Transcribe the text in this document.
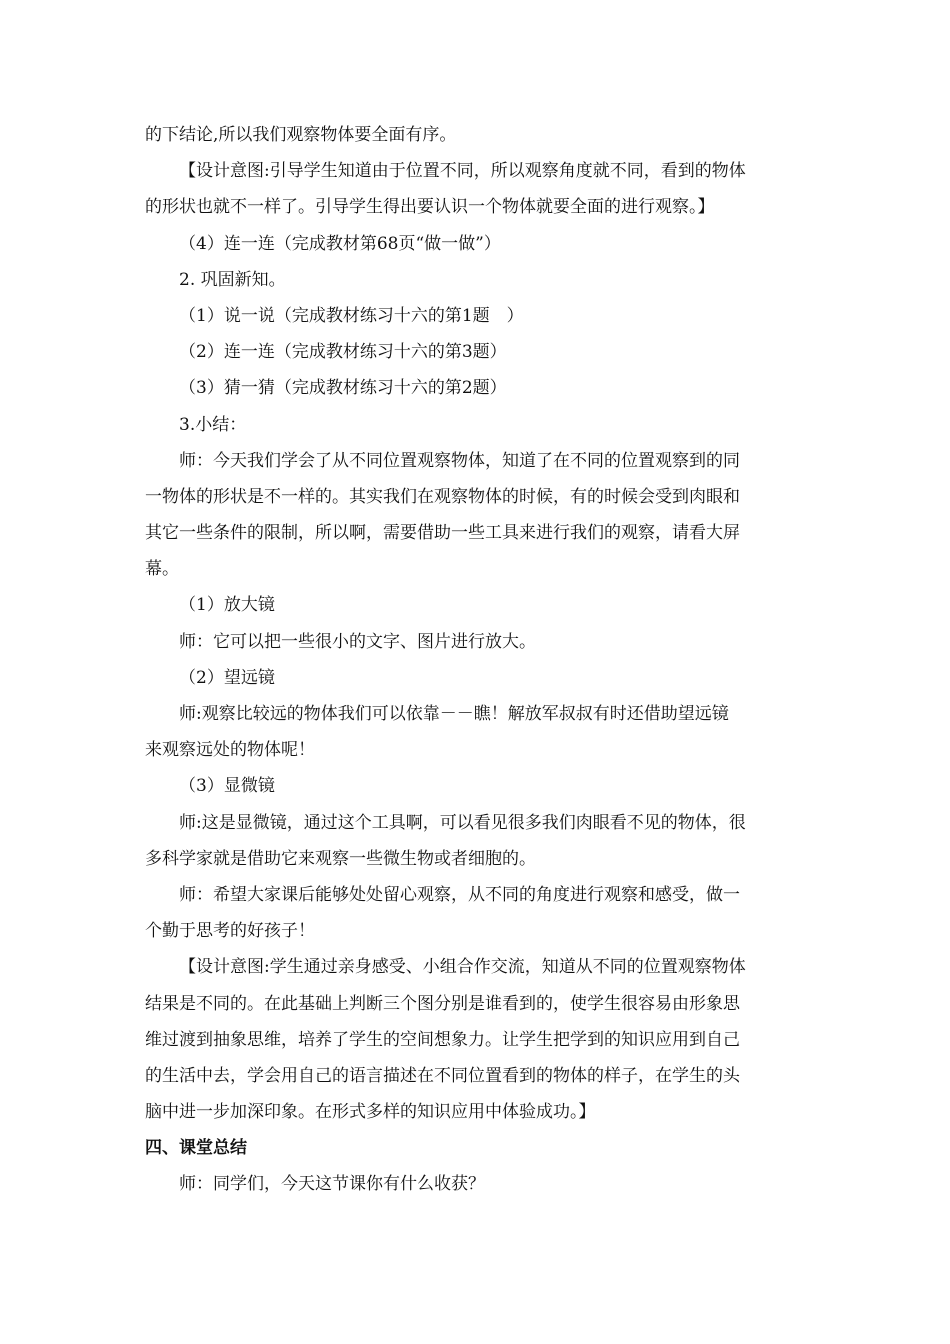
的下结论,所以我们观察物体要全面有序。

【设计意图:引导学生知道由于位置不同，所以观察角度就不同，看到的物体

的形状也就不一样了。引导学生得出要认识一个物体就要全面的进行观察。】

（4）连一连（完成教材第68页“做一做”）

2. 巩固新知。

（1）说一说（完成教材练习十六的第1题　）

（2）连一连（完成教材练习十六的第3题）

（3）猜一猜（完成教材练习十六的第2题）

3.小结：

师：今天我们学会了从不同位置观察物体，知道了在不同的位置观察到的同

一物体的形状是不一样的。其实我们在观察物体的时候，有的时候会受到肉眼和

其它一些条件的限制，所以啊，需要借助一些工具来进行我们的观察，请看大屏

幕。

（1）放大镜

师：它可以把一些很小的文字、图片进行放大。

（2）望远镜

师:观察比较远的物体我们可以依靠－－瞧！解放军叔叔有时还借助望远镜

来观察远处的物体呢！

（3）显微镜

师:这是显微镜，通过这个工具啊，可以看见很多我们肉眼看不见的物体，很

多科学家就是借助它来观察一些微生物或者细胞的。

师：希望大家课后能够处处留心观察，从不同的角度进行观察和感受，做一

个勤于思考的好孩子！

【设计意图:学生通过亲身感受、小组合作交流，知道从不同的位置观察物体

结果是不同的。在此基础上判断三个图分别是谁看到的，使学生很容易由形象思

维过渡到抽象思维，培养了学生的空间想象力。让学生把学到的知识应用到自己

的生活中去，学会用自己的语言描述在不同位置看到的物体的样子，在学生的头

脑中进一步加深印象。在形式多样的知识应用中体验成功。】

四、课堂总结

师：同学们，今天这节课你有什么收获？
